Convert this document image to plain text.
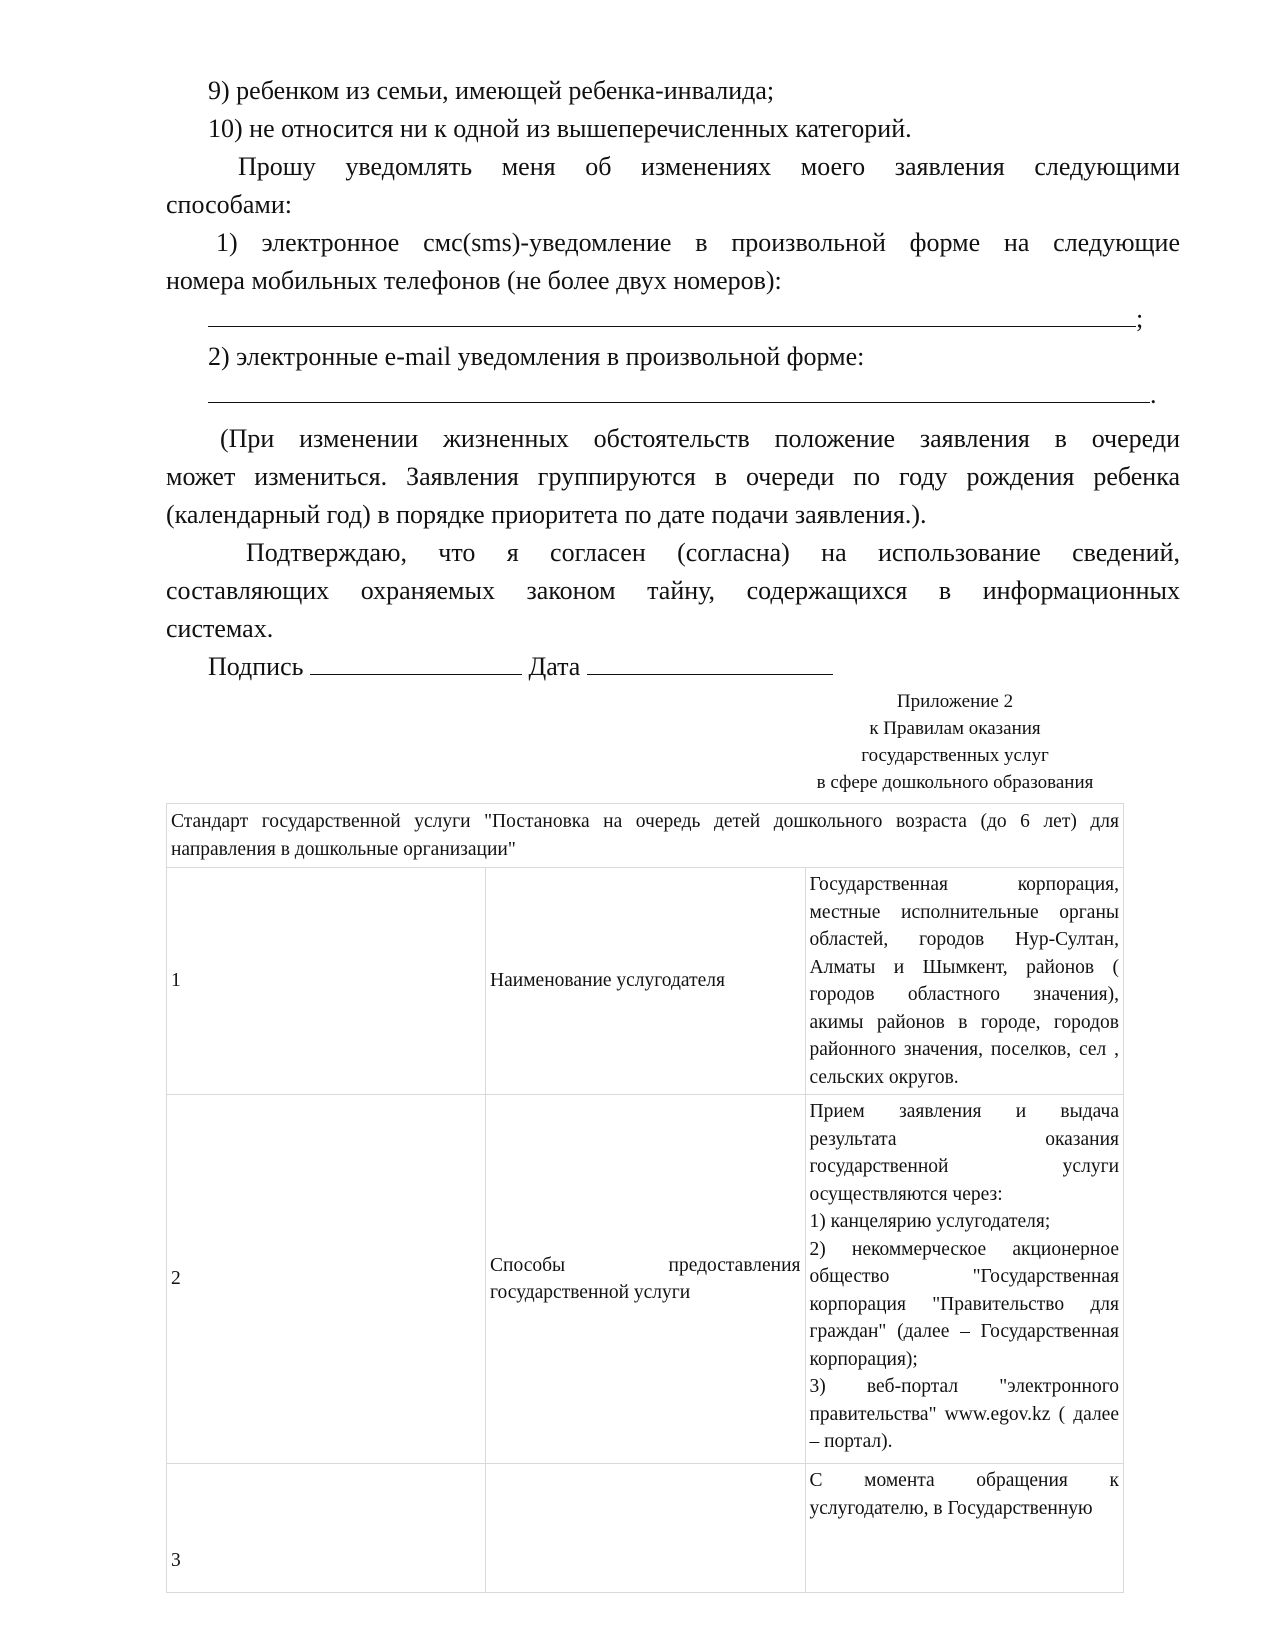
9) ребенком из семьи, имеющей ребенка-инвалида;

10) не относится ни к одной из вышеперечисленных категорий.

Прошу уведомлять меня об изменениях моего заявления следующими

способами:

1) электронное смс(sms)-уведомление в произвольной форме на следующие

номера мобильных телефонов (не более двух номеров):

;

2) электронные e-mail уведомления в произвольной форме:

.

(При изменении жизненных обстоятельств положение заявления в очереди

может измениться. Заявления группируются в очереди по году рождения ребенка

(календарный год) в порядке приоритета по дате подачи заявления.).

Подтверждаю, что я согласен (согласна) на использование сведений,

составляющих охраняемых законом тайну, содержащихся в информационных

системах.

Подпись	Дата
Приложение 2
к Правилам оказания
государственных услуг
в сфере дошкольного образования
Стандарт государственной услуги "Постановка на очередь детей дошкольного возраста (до 6 лет) для направления в дошкольные организации"		
1	Наименование услугодателя	Государственная корпорация, местные исполнительные органы областей, городов Нур-Султан, Алматы и Шымкент, районов ( городов областного значения), акимы районов в городе, городов районного значения, поселков, сел , сельских округов.
2	Способы предоставления государственной услуги	Прием заявления и выдача результата оказания государственной услуги осуществляются через:
1) канцелярию услугодателя;
2) некоммерческое акционерное общество "Государственная корпорация "Правительство для граждан" (далее – Государственная корпорация);
3) веб-портал "электронного правительства" www.egov.kz ( далее – портал).

3		С момента обращения к услугодателю, в Государственную
